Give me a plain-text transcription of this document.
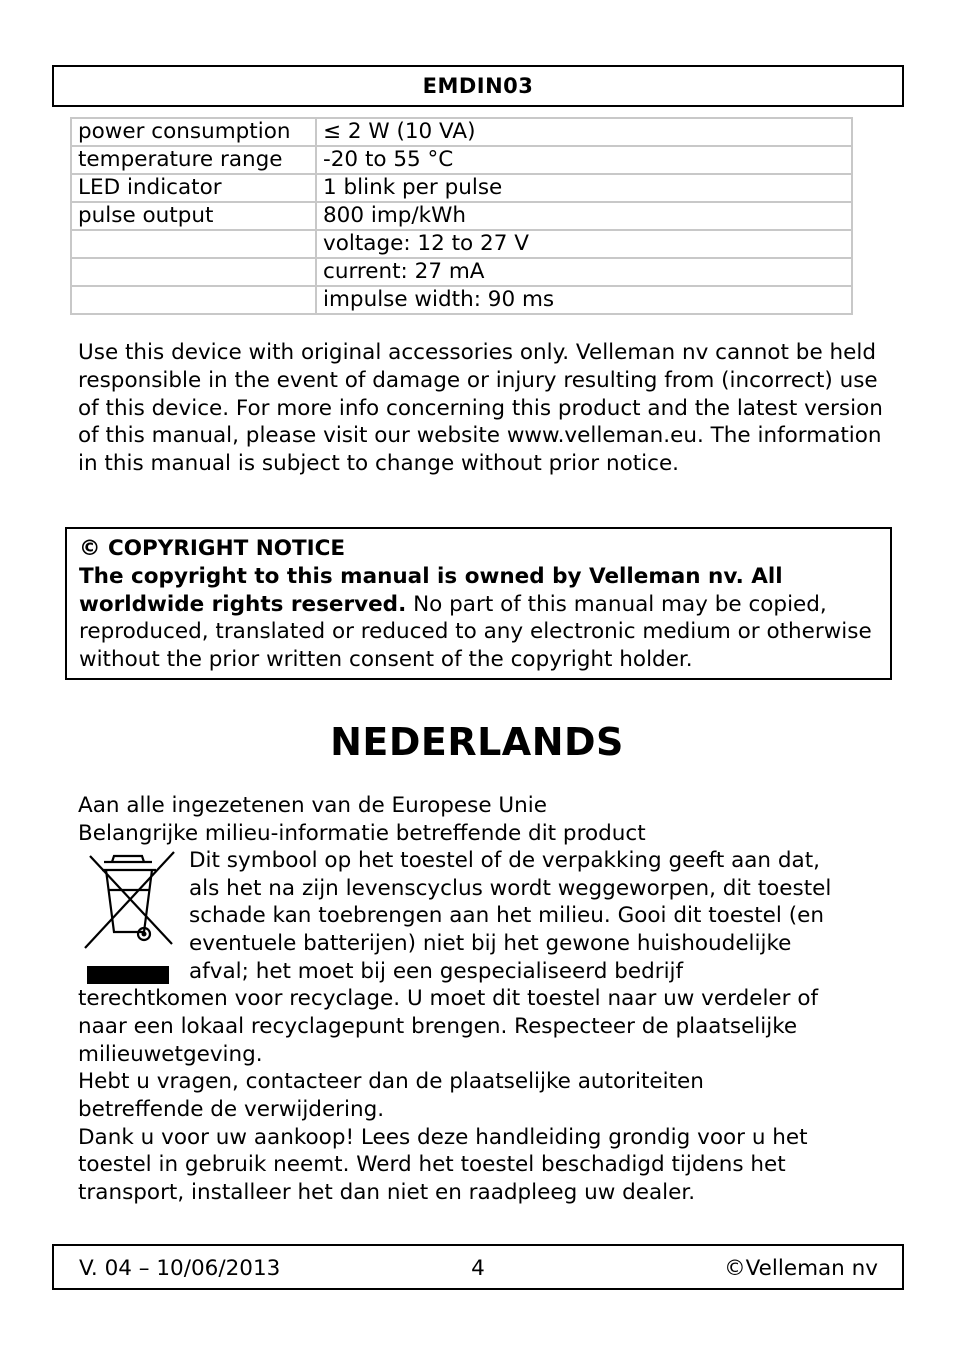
EMDIN03
power consumption	≤ 2 W (10 VA)
temperature range	-20 to 55 °C
LED indicator	1 blink per pulse
pulse output	800 imp/kWh
	voltage: 12 to 27 V
	current: 27 mA
	impulse width: 90 ms
Use this device with original accessories only. Velleman nv cannot be held responsible in the event of damage or injury resulting from (incorrect) use of this device. For more info concerning this product and the latest version of this manual, please visit our website www.velleman.eu. The information in this manual is subject to change without prior notice.
© COPYRIGHT NOTICE
The copyright to this manual is owned by Velleman nv. All worldwide rights reserved. No part of this manual may be copied, reproduced, translated or reduced to any electronic medium or otherwise without the prior written consent of the copyright holder.
NEDERLANDS
Aan alle ingezetenen van de Europese Unie
Belangrijke milieu-informatie betreffende dit product
Dit symbool op het toestel of de verpakking geeft aan dat,
als het na zijn levenscyclus wordt weggeworpen, dit toestel
schade kan toebrengen aan het milieu. Gooi dit toestel (en
eventuele batterijen) niet bij het gewone huishoudelijke
afval; het moet bij een gespecialiseerd bedrijf
terechtkomen voor recyclage. U moet dit toestel naar uw verdeler of
naar een lokaal recyclagepunt brengen. Respecteer de plaatselijke
milieuwetgeving.
Hebt u vragen, contacteer dan de plaatselijke autoriteiten
betreffende de verwijdering.
Dank u voor uw aankoop! Lees deze handleiding grondig voor u het
toestel in gebruik neemt. Werd het toestel beschadigd tijdens het
transport, installeer het dan niet en raadpleeg uw dealer.
V. 04 – 10/06/2013	4	©Velleman nv
